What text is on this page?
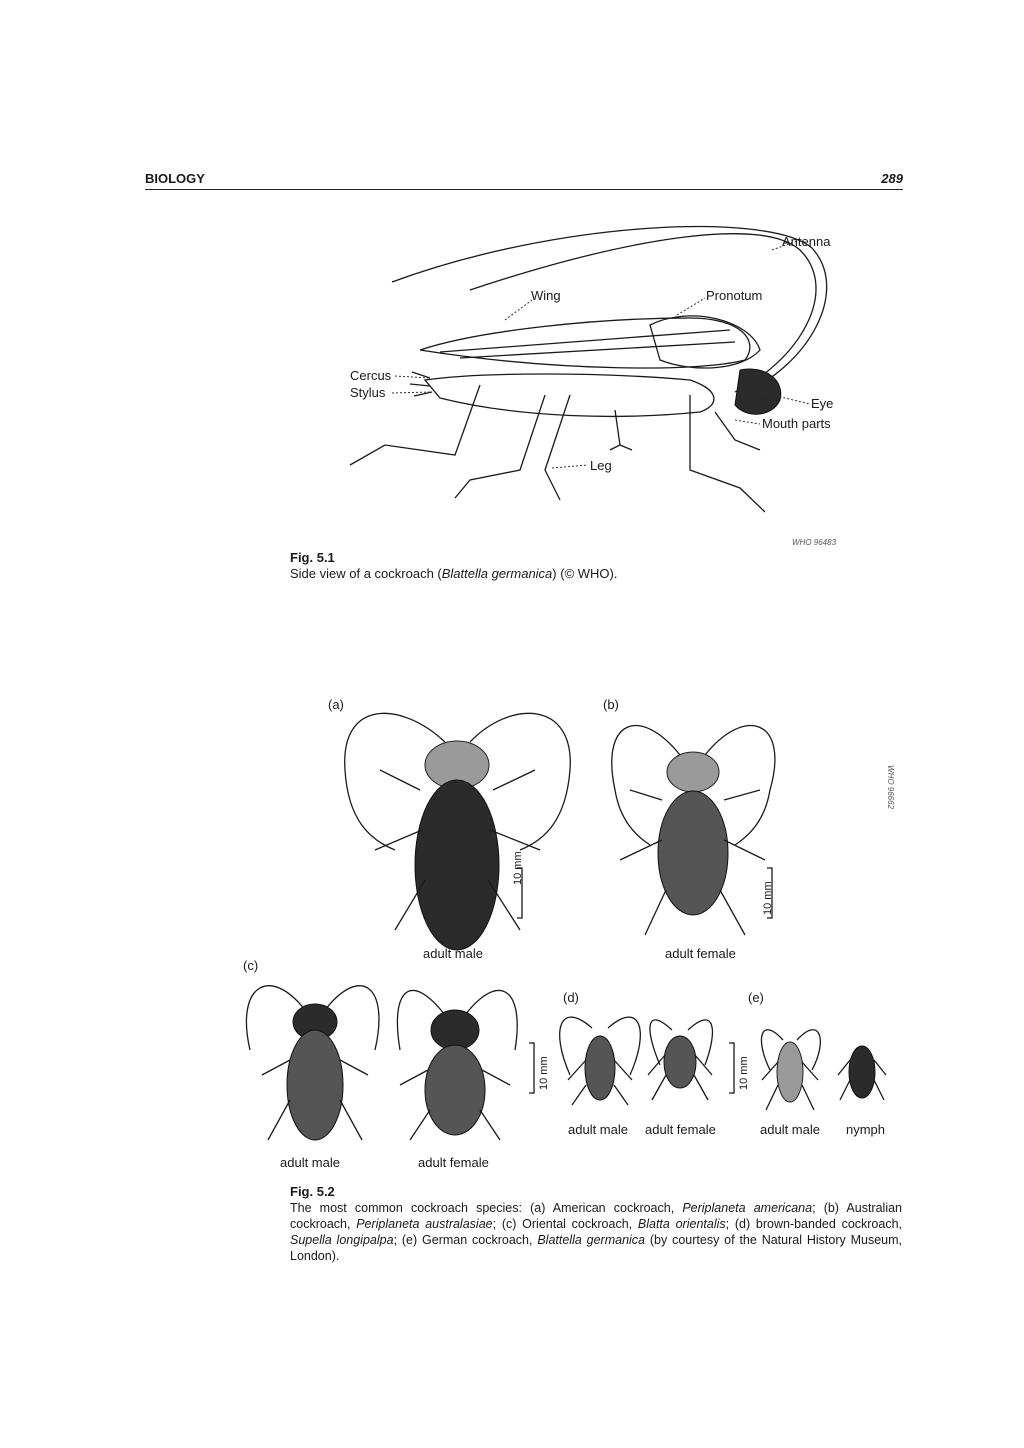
BIOLOGY	289
Antenna
Wing	Pronotum
Cercus
Stylus
Eye
Mouth parts
Leg
WHO 96483
Fig. 5.1
Side view of a cockroach (Blattella germanica) (© WHO).
(a)	(b)
(c)
(d)	(e)
10 mm
10 mm
10 mm	10 mm
adult male	adult female
adult male	adult female
adult male adult female	adult male nymph
WHO 96662
Fig. 5.2
The most common cockroach species: (a) American cockroach, Periplaneta americana; (b) Australian cockroach, Periplaneta australasiae; (c) Oriental cockroach, Blatta orientalis; (d) brown-banded cockroach, Supella longipalpa; (e) German cockroach, Blattella germanica (by courtesy of the Natural History Museum, London).
